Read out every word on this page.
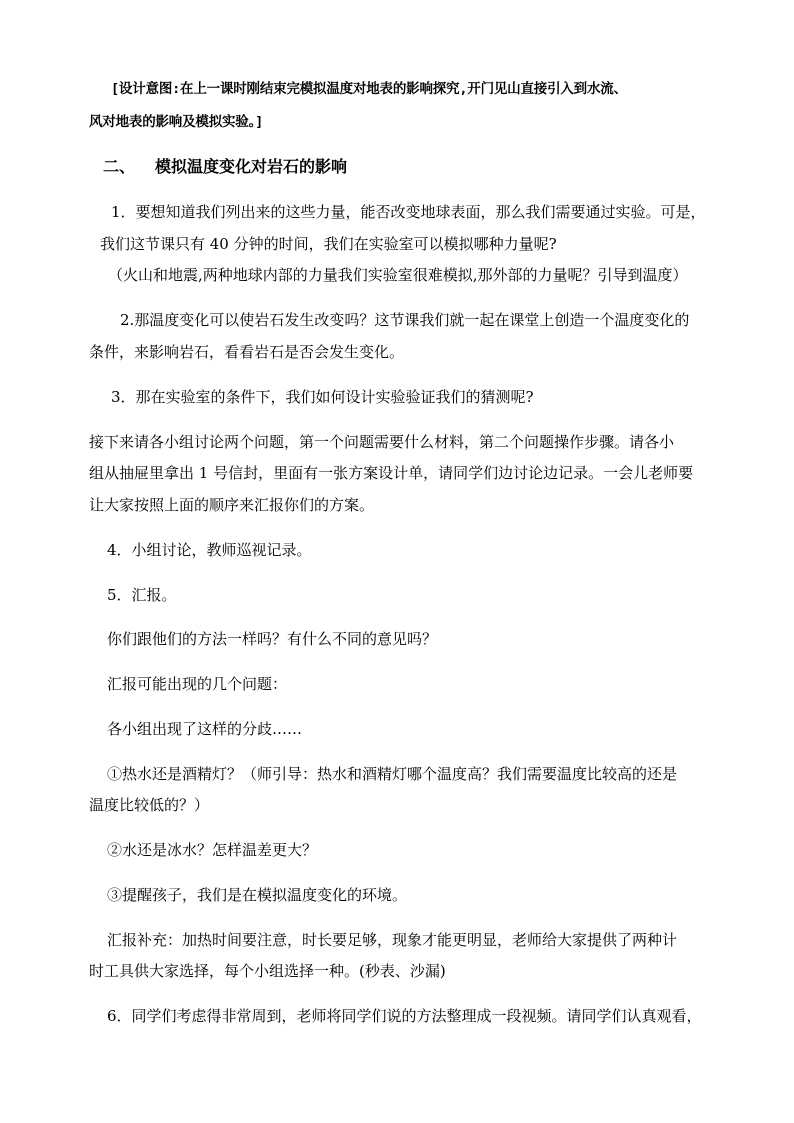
[设计意图:在上一课时刚结束完模拟温度对地表的影响探究,开门见山直接引入到水流、
风对地表的影响及模拟实验。]
二、 模拟温度变化对岩石的影响
1．要想知道我们列出来的这些力量，能否改变地球表面，那么我们需要通过实验。可是，
我们这节课只有 40 分钟的时间，我们在实验室可以模拟哪种力量呢?
（火山和地震,两种地球内部的力量我们实验室很难模拟,那外部的力量呢？引导到温度）
2.那温度变化可以使岩石发生改变吗？这节课我们就一起在课堂上创造一个温度变化的
条件，来影响岩石，看看岩石是否会发生变化。
3．那在实验室的条件下，我们如何设计实验验证我们的猜测呢?
接下来请各小组讨论两个问题，第一个问题需要什么材料，第二个问题操作步骤。请各小
组从抽屉里拿出 1 号信封，里面有一张方案设计单，请同学们边讨论边记录。一会儿老师要
让大家按照上面的顺序来汇报你们的方案。
4．小组讨论，教师巡视记录。
5．汇报。
你们跟他们的方法一样吗？有什么不同的意见吗？
汇报可能出现的几个问题：
各小组出现了这样的分歧……
①热水还是酒精灯？（师引导：热水和酒精灯哪个温度高？我们需要温度比较高的还是
温度比较低的？）
②水还是冰水？怎样温差更大？
③提醒孩子，我们是在模拟温度变化的环境。
汇报补充：加热时间要注意，时长要足够，现象才能更明显，老师给大家提供了两种计
时工具供大家选择，每个小组选择一种。(秒表、沙漏)
6．同学们考虑得非常周到，老师将同学们说的方法整理成一段视频。请同学们认真观看，
